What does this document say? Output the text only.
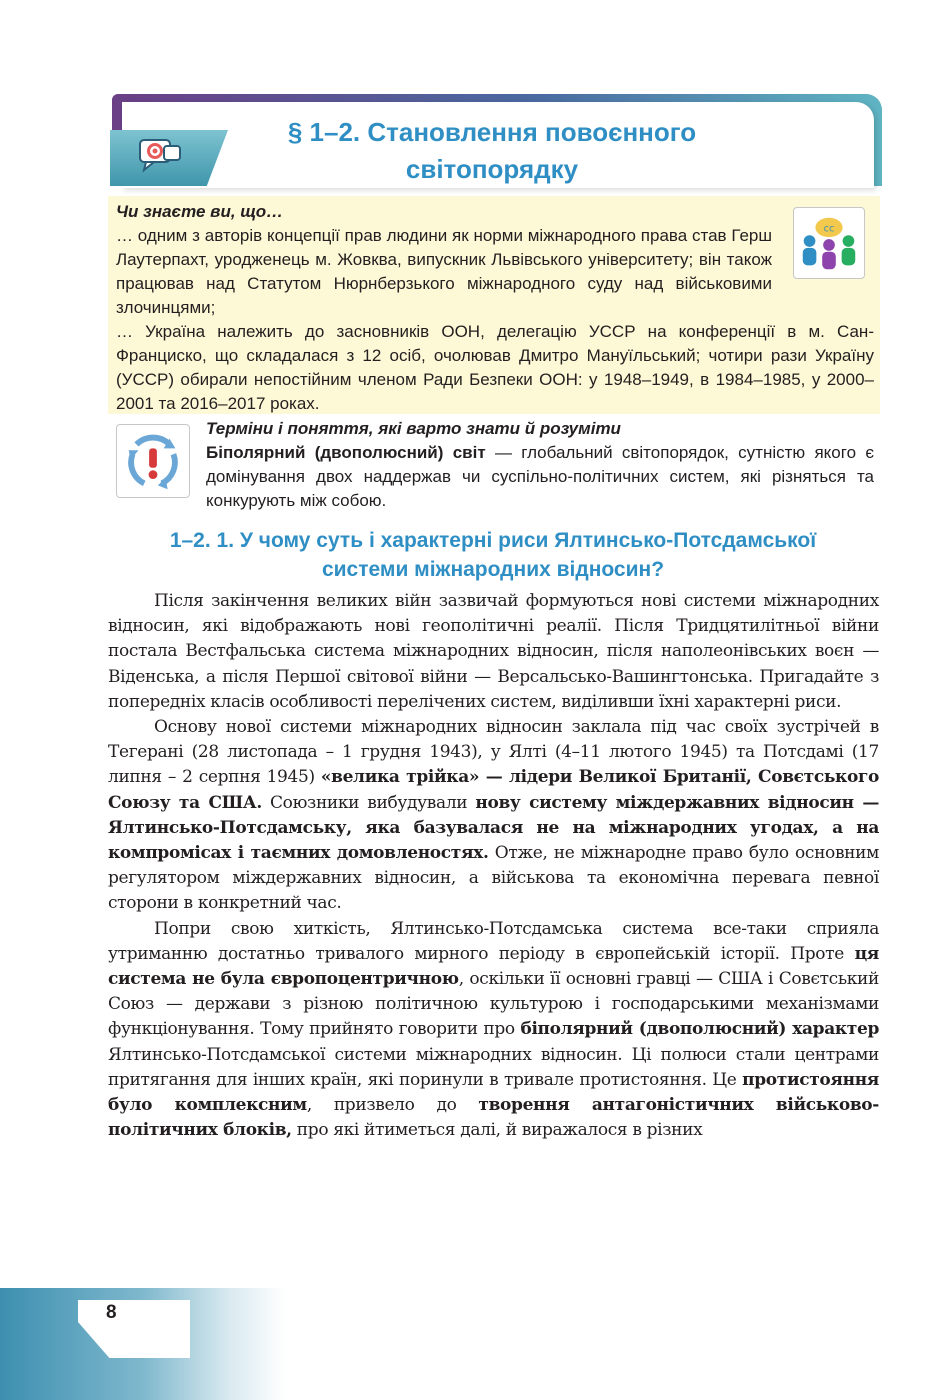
§ 1–2. Становлення повоєнного
світопорядку
Чи знаєте ви, що…
… одним з авторів концепції прав людини як норми міжнародного права став Герш Лаутерпахт, уродженець м. Жовква, випускник Львівського університету; він також працював над Статутом Нюрнберзького міжнародного суду над військовими злочинцями;
… Україна належить до засновників ООН, делегацію УССР на конференції в м. Сан-Франциско, що складалася з 12 осіб, очолював Дмитро Мануїльський; чотири рази Україну (УССР) обирали непостійним членом Ради Безпеки ООН: у 1948–1949, в 1984–1985, у 2000–2001 та 2016–2017 роках.
cc
Терміни і поняття, які варто знати й розуміти
Біполярний (двополюсний) світ — глобальний світопорядок, сутністю якого є домінування двох наддержав чи суспільно-політичних систем, які різняться та конкурують між собою.
1–2. 1. У чому суть і характерні риси Ялтинсько-Потсдамської
системи міжнародних відносин?

Після закінчення великих війн зазвичай формуються нові системи міжнародних відносин, які відображають нові геополітичні реалії. Після Тридцятилітньої війни постала Вестфальська система міжнародних відносин, після наполеонівських воєн — Віденська, а після Першої світової війни — Версальсько-Вашингтонська. Пригадайте з попередніх класів особливості перелічених систем, виділивши їхні характерні риси.

Основу нової системи міжнародних відносин заклала під час своїх зустрічей в Тегерані (28 листопада – 1 грудня 1943), у Ялті (4–11 лютого 1945) та Потсдамі (17 липня – 2 серпня 1945) «велика трійка» — лідери Великої Британії, Совєтського Союзу та США. Союзники вибудували нову систему міждержавних відносин — Ялтинсько-Потсдамську, яка базувалася не на міжнародних угодах, а на компромісах і таємних домовленостях. Отже, не міжнародне право було основним регулятором міждержавних відносин, а військова та економічна перевага певної сторони в конкретний час.

Попри свою хиткість, Ялтинсько-Потсдамська система все-таки сприяла утриманню достатньо тривалого мирного періоду в європейській історії. Проте ця система не була європоцентричною, оскільки її основні гравці — США і Совєтський Союз — держави з різною політичною культурою і господарськими механізмами функціонування. Тому прийнято говорити про біполярний (двополюсний) характер Ялтинсько-Потсдамської системи міжнародних відносин. Ці полюси стали центрами притягання для інших країн, які поринули в тривале протистояння. Це протистояння було комплексним, призвело до творення антагоністичних військово-політичних блоків, про які йтиметься далі, й виражалося в різних

8
